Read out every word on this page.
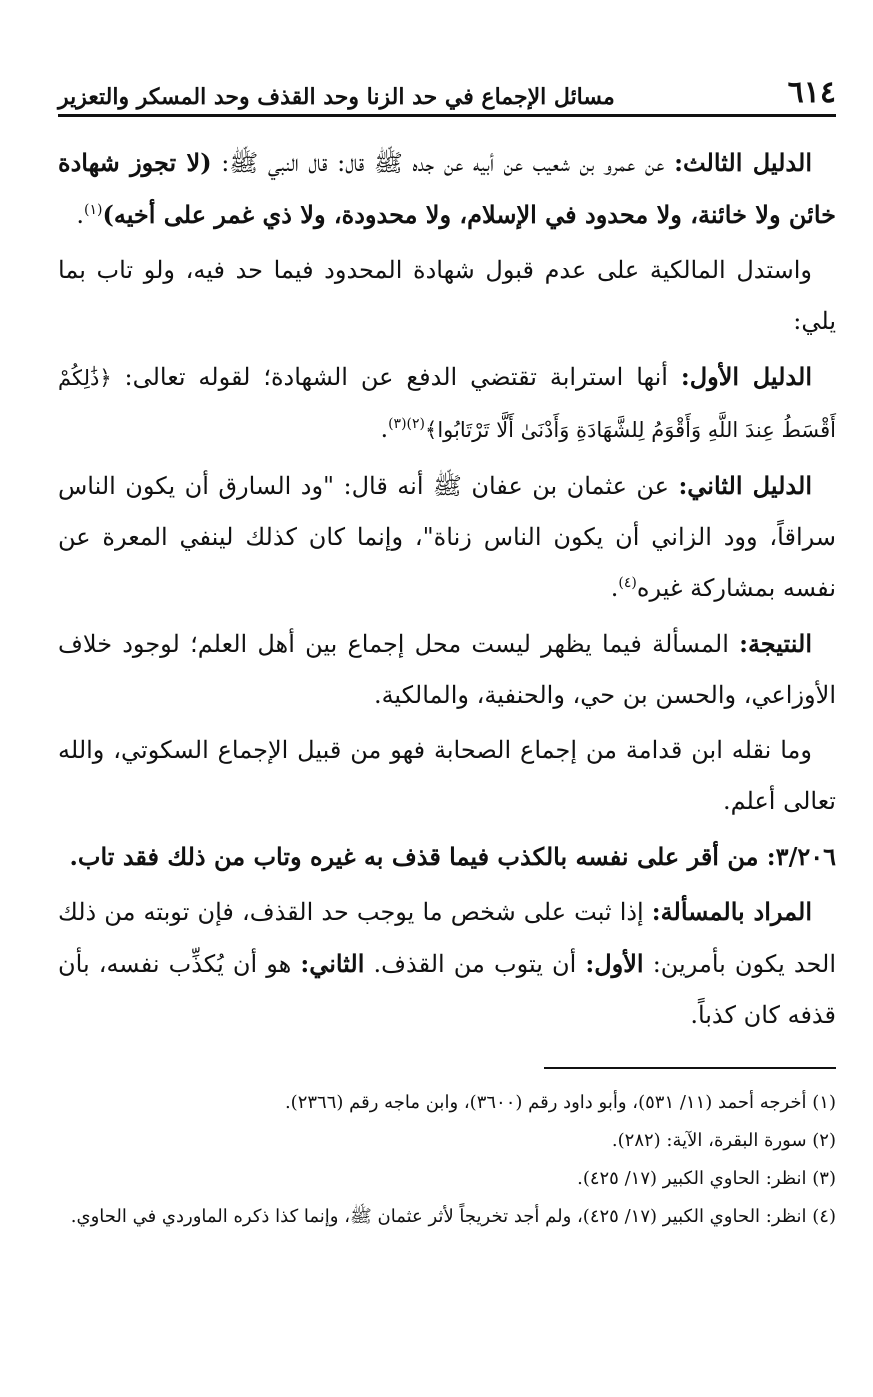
٦١٤
مسائل الإجماع في حد الزنا وحد القذف وحد المسكر والتعزير

الدليل الثالث: عن عمرو بن شعيب عن أبيه عن جده ﷺ قال: قال النبي ﷺ: (لا تجوز شهادة خائن ولا خائنة، ولا محدود في الإسلام، ولا محدودة، ولا ذي غمر على أخيه)$^{(١)}$.

واستدل المالكية على عدم قبول شهادة المحدود فيما حد فيه، ولو تاب بما يلي:

الدليل الأول: أنها استرابة تقتضي الدفع عن الشهادة؛ لقوله تعالى: ﴿ذَٰلِكُمْ أَقْسَطُ عِندَ اللَّهِ وَأَقْوَمُ لِلشَّهَادَةِ وَأَدْنَىٰ أَلَّا تَرْتَابُوا﴾$^{(٢)(٣)}$.

الدليل الثاني: عن عثمان بن عفان ﷺ أنه قال: "ود السارق أن يكون الناس سراقاً، وود الزاني أن يكون الناس زناة"، وإنما كان كذلك لينفي المعرة عن نفسه بمشاركة غيره$^{(٤)}$.

النتيجة: المسألة فيما يظهر ليست محل إجماع بين أهل العلم؛ لوجود خلاف الأوزاعي، والحسن بن حي، والحنفية، والمالكية.

وما نقله ابن قدامة من إجماع الصحابة فهو من قبيل الإجماع السكوتي، والله تعالى أعلم.

٣/٢٠٦: من أقر على نفسه بالكذب فيما قذف به غيره وتاب من ذلك فقد تاب.

المراد بالمسألة: إذا ثبت على شخص ما يوجب حد القذف، فإن توبته من ذلك الحد يكون بأمرين: الأول: أن يتوب من القذف. الثاني: هو أن يُكذِّب نفسه، بأن قذفه كان كذباً.

(١) أخرجه أحمد (١١/ ٥٣١)، وأبو داود رقم (٣٦٠٠)، وابن ماجه رقم (٢٣٦٦).

(٢) سورة البقرة، الآية: (٢٨٢).

(٣) انظر: الحاوي الكبير (١٧/ ٤٢٥).

(٤) انظر: الحاوي الكبير (١٧/ ٤٢٥)، ولم أجد تخريجاً لأثر عثمان ﷺ، وإنما كذا ذكره الماوردي في الحاوي.
